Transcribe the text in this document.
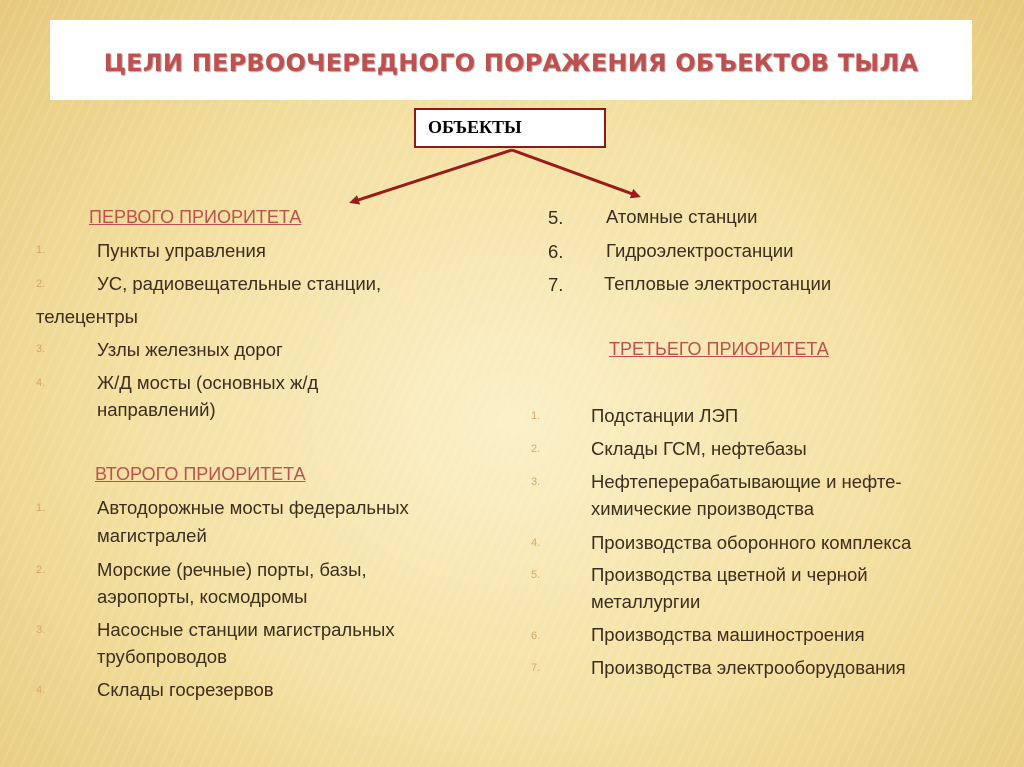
ЦЕЛИ ПЕРВООЧЕРЕДНОГО ПОРАЖЕНИЯ ОБЪЕКТОВ ТЫЛА
ОБЪЕКТЫ
ПЕРВОГО ПРИОРИТЕТА
1.	Пункты управления
2.	УС, радиовещательные станции,
телецентры
3.	Узлы железных дорог
4.	Ж/Д мосты (основных ж/д
направлений)
ВТОРОГО ПРИОРИТЕТА
1.	Автодорожные мосты федеральных
магистралей
2.	Морские (речные) порты, базы,
аэропорты, космодромы
3.	Насосные станции магистральных
трубопроводов
4.	Склады госрезервов
5. Атомные станции
6. Гидроэлектростанции
7. Тепловые электростанции
ТРЕТЬЕГО ПРИОРИТЕТА
1.	Подстанции ЛЭП
2.	Склады ГСМ, нефтебазы
3.	Нефтеперерабатывающие и нефте-
химические производства
4.	Производства оборонного комплекса
5.	Производства цветной и черной
металлургии
6.	Производства машиностроения
7.	Производства электрооборудования
